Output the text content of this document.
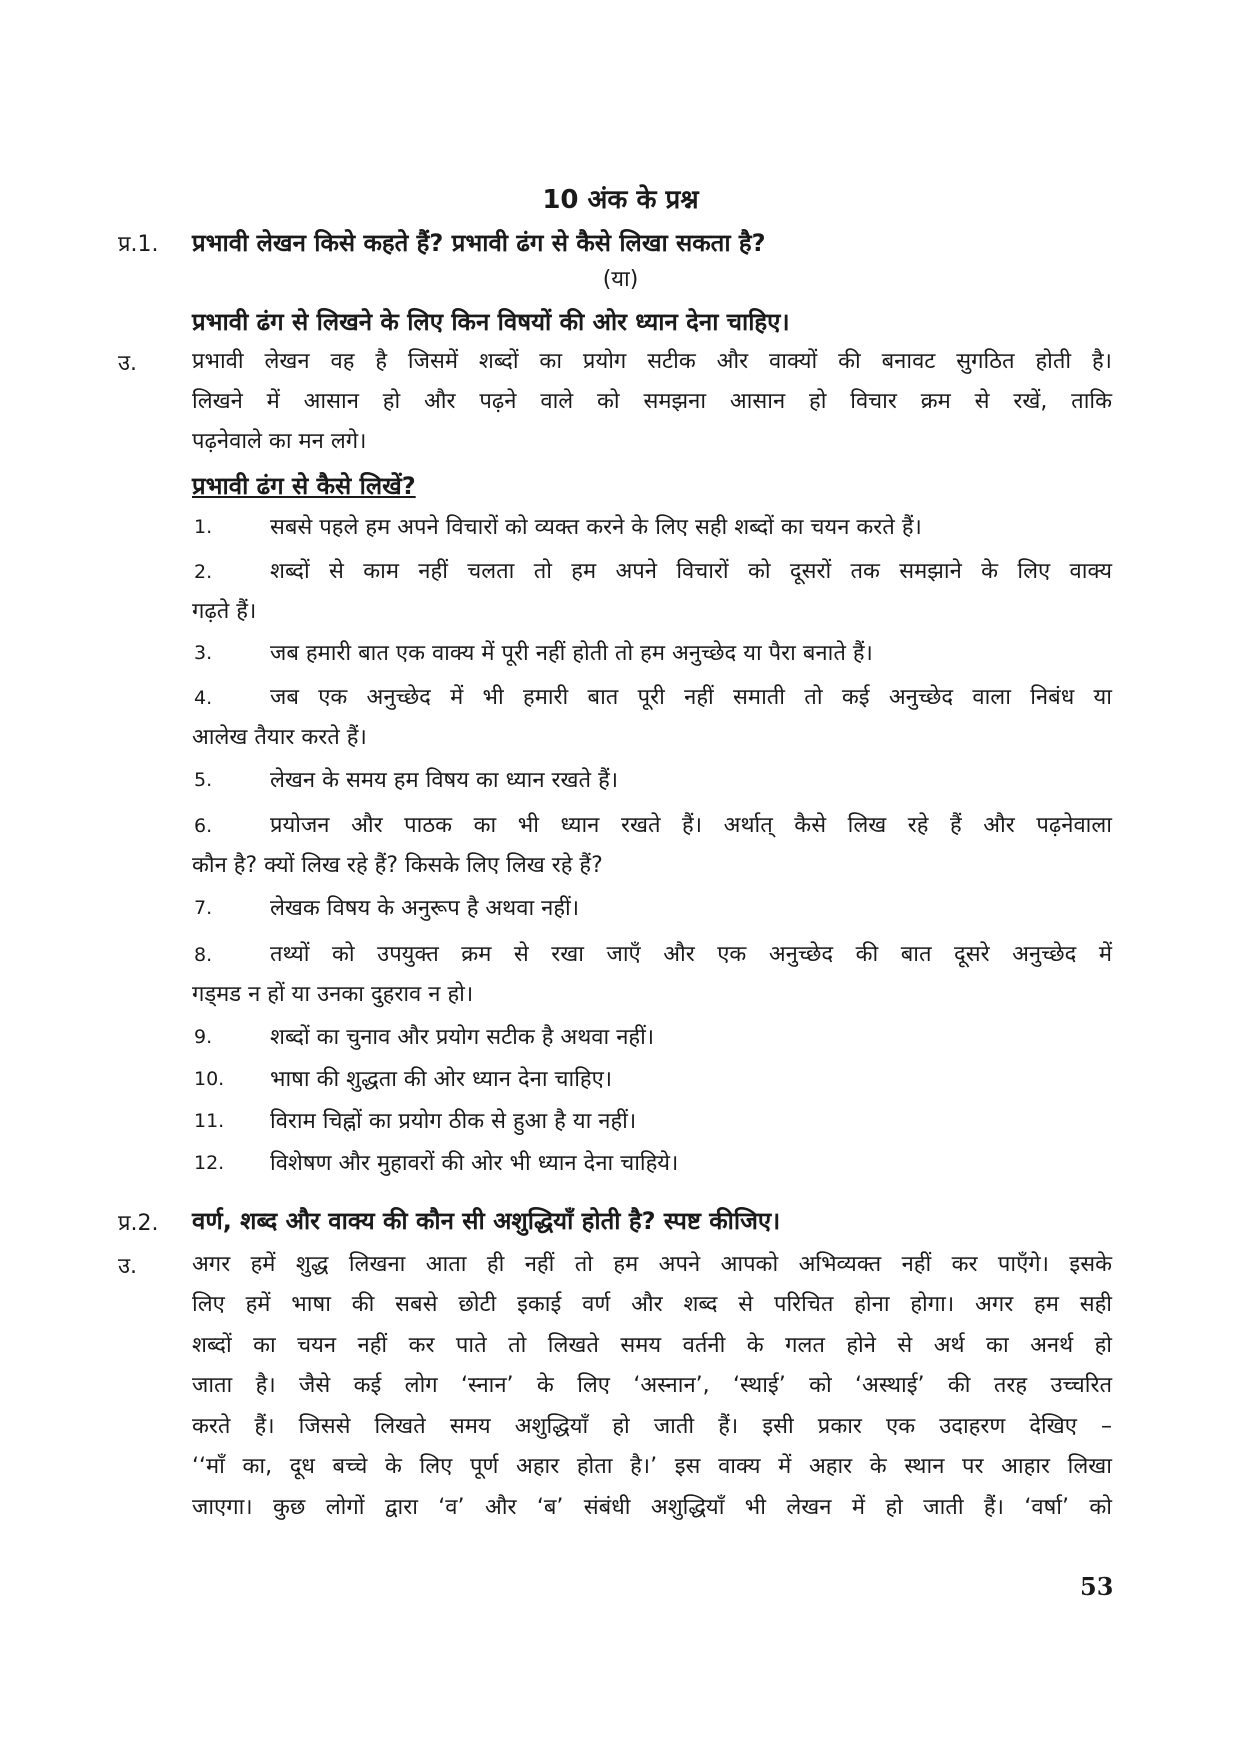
10 अंक के प्रश्न
प्र.1. प्रभावी लेखन किसे कहते हैं? प्रभावी ढंग से कैसे लिखा सकता है?
(या)
प्रभावी ढंग से लिखने के लिए किन विषयों की ओर ध्यान देना चाहिए।
उ. प्रभावी लेखन वह है जिसमें शब्दों का प्रयोग सटीक और वाक्यों की बनावट सुगठित होती है।
लिखने में आसान हो और पढ़ने वाले को समझना आसान हो विचार क्रम से रखें, ताकि
पढ़नेवाले का मन लगे।
प्रभावी ढंग से कैसे लिखें?
1.	सबसे पहले हम अपने विचारों को व्यक्त करने के लिए सही शब्दों का चयन करते हैं।
2.	शब्दों से काम नहीं चलता तो हम अपने विचारों को दूसरों तक समझाने के लिए वाक्य
गढ़ते हैं।
3.	जब हमारी बात एक वाक्य में पूरी नहीं होती तो हम अनुच्छेद या पैरा बनाते हैं।
4.	जब एक अनुच्छेद में भी हमारी बात पूरी नहीं समाती तो कई अनुच्छेद वाला निबंध या
आलेख तैयार करते हैं।
5.	लेखन के समय हम विषय का ध्यान रखते हैं।
6.	प्रयोजन और पाठक का भी ध्यान रखते हैं। अर्थात् कैसे लिख रहे हैं और पढ़नेवाला
कौन है? क्यों लिख रहे हैं? किसके लिए लिख रहे हैं?
7.	लेखक विषय के अनुरूप है अथवा नहीं।
8.	तथ्यों को उपयुक्त क्रम से रखा जाएँ और एक अनुच्छेद की बात दूसरे अनुच्छेद में
गड्मड न हों या उनका दुहराव न हो।
9.	शब्दों का चुनाव और प्रयोग सटीक है अथवा नहीं।
10. भाषा की शुद्धता की ओर ध्यान देना चाहिए।
11. विराम चिह्नों का प्रयोग ठीक से हुआ है या नहीं।
12. विशेषण और मुहावरों की ओर भी ध्यान देना चाहिये।
प्र.2. वर्ण, शब्द और वाक्य की कौन सी अशुद्धियाँ होती है? स्पष्ट कीजिए।
उ. अगर हमें शुद्ध लिखना आता ही नहीं तो हम अपने आपको अभिव्यक्त नहीं कर पाएँगे। इसके
लिए हमें भाषा की सबसे छोटी इकाई वर्ण और शब्द से परिचित होना होगा। अगर हम सही
शब्दों का चयन नहीं कर पाते तो लिखते समय वर्तनी के गलत होने से अर्थ का अनर्थ हो
जाता है। जैसे कई लोग ‘स्नान’ के लिए ‘अस्नान’, ‘स्थाई’ को ‘अस्थाई’ की तरह उच्चरित
करते हैं। जिससे लिखते समय अशुद्धियाँ हो जाती हैं। इसी प्रकार एक उदाहरण देखिए –
‘‘माँ का, दूध बच्चे के लिए पूर्ण अहार होता है।’ इस वाक्य में अहार के स्थान पर आहार लिखा
जाएगा। कुछ लोगों द्वारा ‘व’ और ‘ब’ संबंधी अशुद्धियाँ भी लेखन में हो जाती हैं। ‘वर्षा’ को
53
